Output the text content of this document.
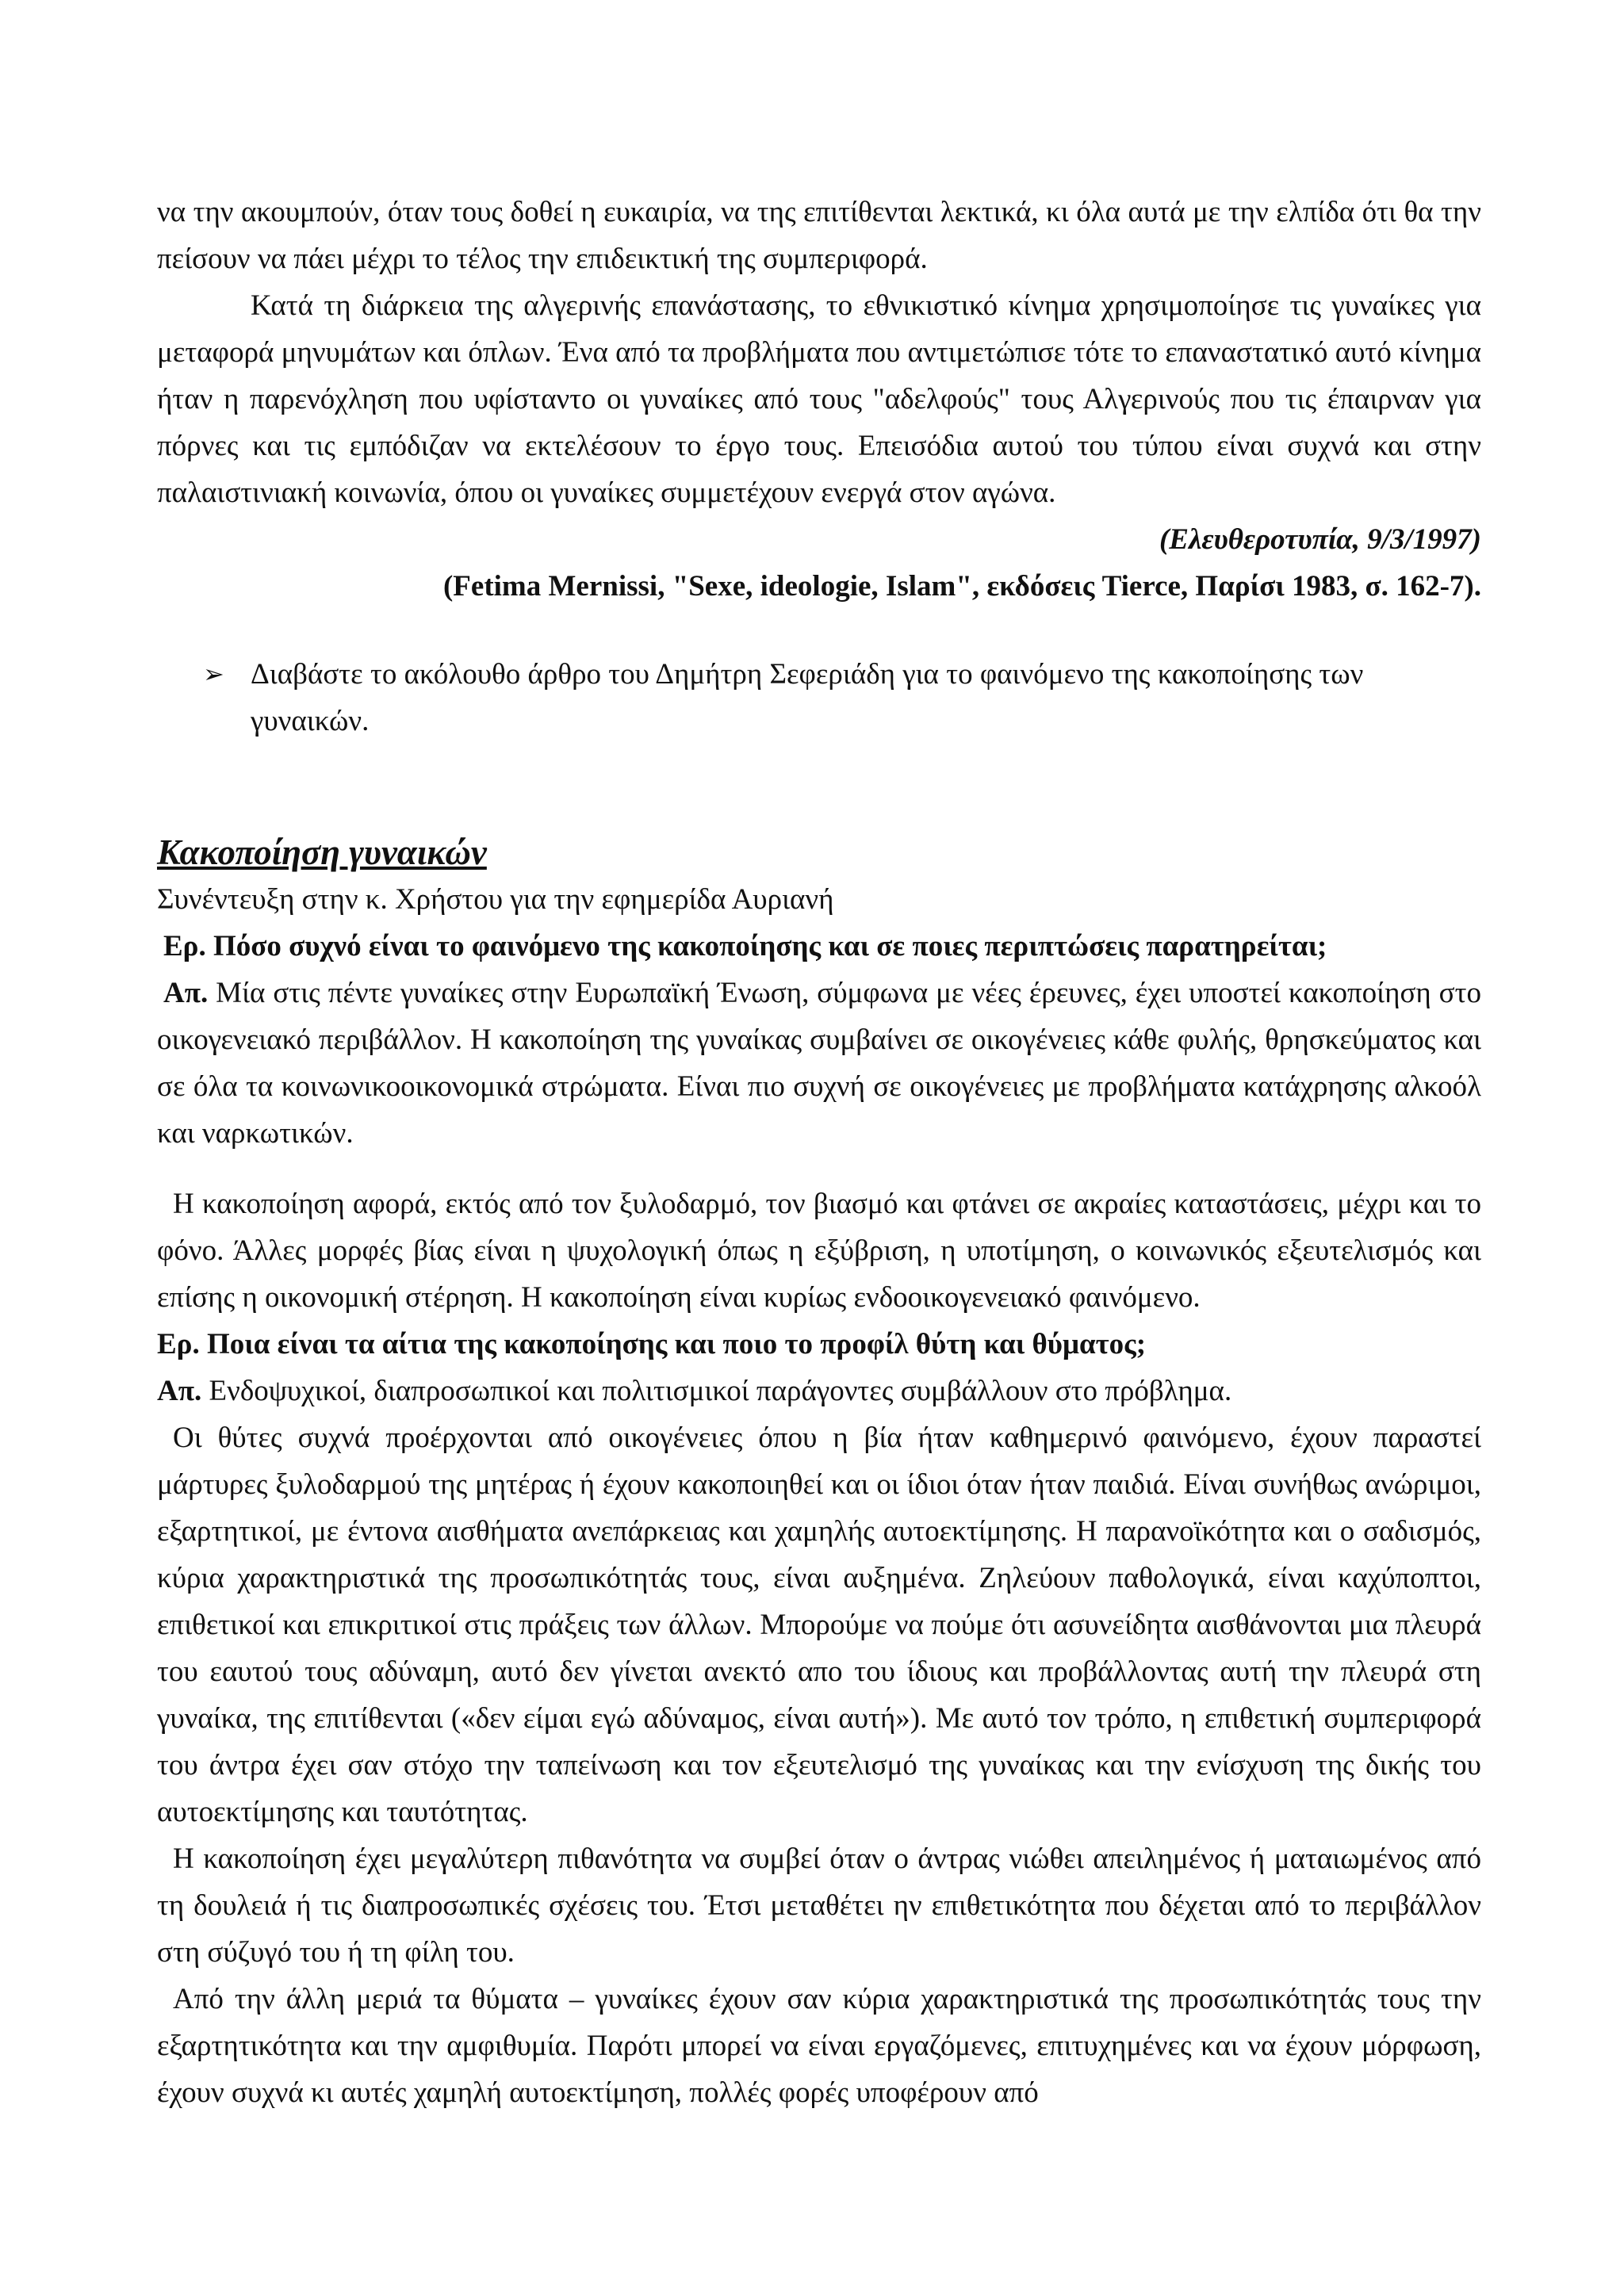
να την ακουμπούν, όταν τους δοθεί η ευκαιρία, να της επιτίθενται λεκτικά, κι όλα αυτά με την ελπίδα ότι θα την πείσουν να πάει μέχρι το τέλος την επιδεικτική της συμπεριφορά.

Κατά τη διάρκεια της αλγερινής επανάστασης, το εθνικιστικό κίνημα χρησιμοποίησε τις γυναίκες για μεταφορά μηνυμάτων και όπλων. Ένα από τα προβλήματα που αντιμετώπισε τότε το επαναστατικό αυτό κίνημα ήταν η παρενόχληση που υφίσταντο οι γυναίκες από τους "αδελφούς" τους Αλγερινούς που τις έπαιρναν για πόρνες και τις εμπόδιζαν να εκτελέσουν το έργο τους. Επεισόδια αυτού του τύπου είναι συχνά και στην παλαιστινιακή κοινωνία, όπου οι γυναίκες συμμετέχουν ενεργά στον αγώνα.

(Ελευθεροτυπία, 9/3/1997)

(Fetima Mernissi, "Sexe, ideologie, Islam", εκδόσεις Tierce, Παρίσι 1983, σ. 162-7).

➢ Διαβάστε το ακόλουθο άρθρο του Δημήτρη Σεφεριάδη για το φαινόμενο της κακοποίησης των γυναικών.

Κακοποίηση γυναικών

Συνέντευξη στην κ. Χρήστου για την εφημερίδα Αυριανή

Ερ. Πόσο συχνό είναι το φαινόμενο της κακοποίησης και σε ποιες περιπτώσεις παρατηρείται;

Απ. Μία στις πέντε γυναίκες στην Ευρωπαϊκή Ένωση, σύμφωνα με νέες έρευνες, έχει υποστεί κακοποίηση στο οικογενειακό περιβάλλον. Η κακοποίηση της γυναίκας συμβαίνει σε οικογένειες κάθε φυλής, θρησκεύματος και σε όλα τα κοινωνικοοικονομικά στρώματα. Είναι πιο συχνή σε οικογένειες με προβλήματα κατάχρησης αλκοόλ και ναρκωτικών.

Η κακοποίηση αφορά, εκτός από τον ξυλοδαρμό, τον βιασμό και φτάνει σε ακραίες καταστάσεις, μέχρι και το φόνο. Άλλες μορφές βίας είναι η ψυχολογική όπως η εξύβριση, η υποτίμηση, ο κοινωνικός εξευτελισμός και επίσης η οικονομική στέρηση. Η κακοποίηση είναι κυρίως ενδοοικογενειακό φαινόμενο.

Ερ. Ποια είναι τα αίτια της κακοποίησης και ποιο το προφίλ θύτη και θύματος;

Απ. Ενδοψυχικοί, διαπροσωπικοί και πολιτισμικοί παράγοντες συμβάλλουν στο πρόβλημα.

Οι θύτες συχνά προέρχονται από οικογένειες όπου η βία ήταν καθημερινό φαινόμενο, έχουν παραστεί μάρτυρες ξυλοδαρμού της μητέρας ή έχουν κακοποιηθεί και οι ίδιοι όταν ήταν παιδιά. Είναι συνήθως ανώριμοι, εξαρτητικοί, με έντονα αισθήματα ανεπάρκειας και χαμηλής αυτοεκτίμησης. Η παρανοϊκότητα και ο σαδισμός, κύρια χαρακτηριστικά της προσωπικότητάς τους, είναι αυξημένα. Ζηλεύουν παθολογικά, είναι καχύποπτοι, επιθετικοί και επικριτικοί στις πράξεις των άλλων. Μπορούμε να πούμε ότι ασυνείδητα αισθάνονται μια πλευρά του εαυτού τους αδύναμη, αυτό δεν γίνεται ανεκτό απο του ίδιους και προβάλλοντας αυτή την πλευρά στη γυναίκα, της επιτίθενται («δεν είμαι εγώ αδύναμος, είναι αυτή»). Με αυτό τον τρόπο, η επιθετική συμπεριφορά του άντρα έχει σαν στόχο την ταπείνωση και τον εξευτελισμό της γυναίκας και την ενίσχυση της δικής του αυτοεκτίμησης και ταυτότητας.

Η κακοποίηση έχει μεγαλύτερη πιθανότητα να συμβεί όταν ο άντρας νιώθει απειλημένος ή ματαιωμένος από τη δουλειά ή τις διαπροσωπικές σχέσεις του. Έτσι μεταθέτει ην επιθετικότητα που δέχεται από το περιβάλλον στη σύζυγό του ή τη φίλη του.

Από την άλλη μεριά τα θύματα – γυναίκες έχουν σαν κύρια χαρακτηριστικά της προσωπικότητάς τους την εξαρτητικότητα και την αμφιθυμία. Παρότι μπορεί να είναι εργαζόμενες, επιτυχημένες και να έχουν μόρφωση, έχουν συχνά κι αυτές χαμηλή αυτοεκτίμηση, πολλές φορές υποφέρουν από
